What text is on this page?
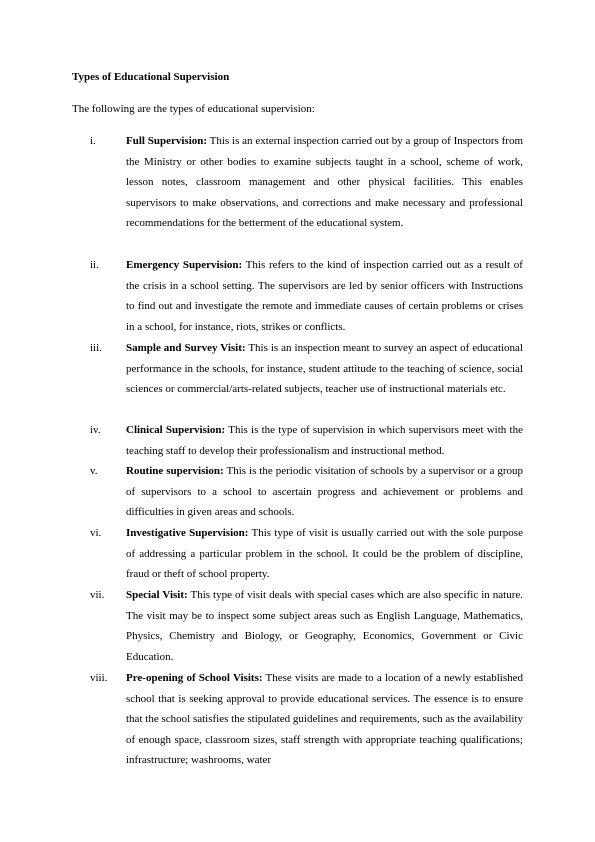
Types of Educational Supervision
The following are the types of educational supervision:
i.	Full Supervision: This is an external inspection carried out by a group of Inspectors from the Ministry or other bodies to examine subjects taught in a school, scheme of work, lesson notes, classroom management and other physical facilities. This enables supervisors to make observations, and corrections and make necessary and professional recommendations for the betterment of the educational system.
ii. Emergency Supervision: This refers to the kind of inspection carried out as a result of the crisis in a school setting. The supervisors are led by senior officers with Instructions to find out and investigate the remote and immediate causes of certain problems or crises in a school, for instance, riots, strikes or conflicts.
iii. Sample and Survey Visit: This is an inspection meant to survey an aspect of educational performance in the schools, for instance, student attitude to the teaching of science, social sciences or commercial/arts-related subjects, teacher use of instructional materials etc.
iv. Clinical Supervision: This is the type of supervision in which supervisors meet with the teaching staff to develop their professionalism and instructional method.
v.	Routine supervision: This is the periodic visitation of schools by a supervisor or a group of supervisors to a school to ascertain progress and achievement or problems and difficulties in given areas and schools.
vi. Investigative Supervision: This type of visit is usually carried out with the sole purpose of addressing a particular problem in the school. It could be the problem of discipline, fraud or theft of school property.
vii. Special Visit: This type of visit deals with special cases which are also specific in nature. The visit may be to inspect some subject areas such as English Language, Mathematics, Physics, Chemistry and Biology, or Geography, Economics, Government or Civic Education.
viii. Pre-opening of School Visits: These visits are made to a location of a newly established school that is seeking approval to provide educational services. The essence is to ensure that the school satisfies the stipulated guidelines and requirements, such as the availability of enough space, classroom sizes, staff strength with appropriate teaching qualifications; infrastructure; washrooms, water
